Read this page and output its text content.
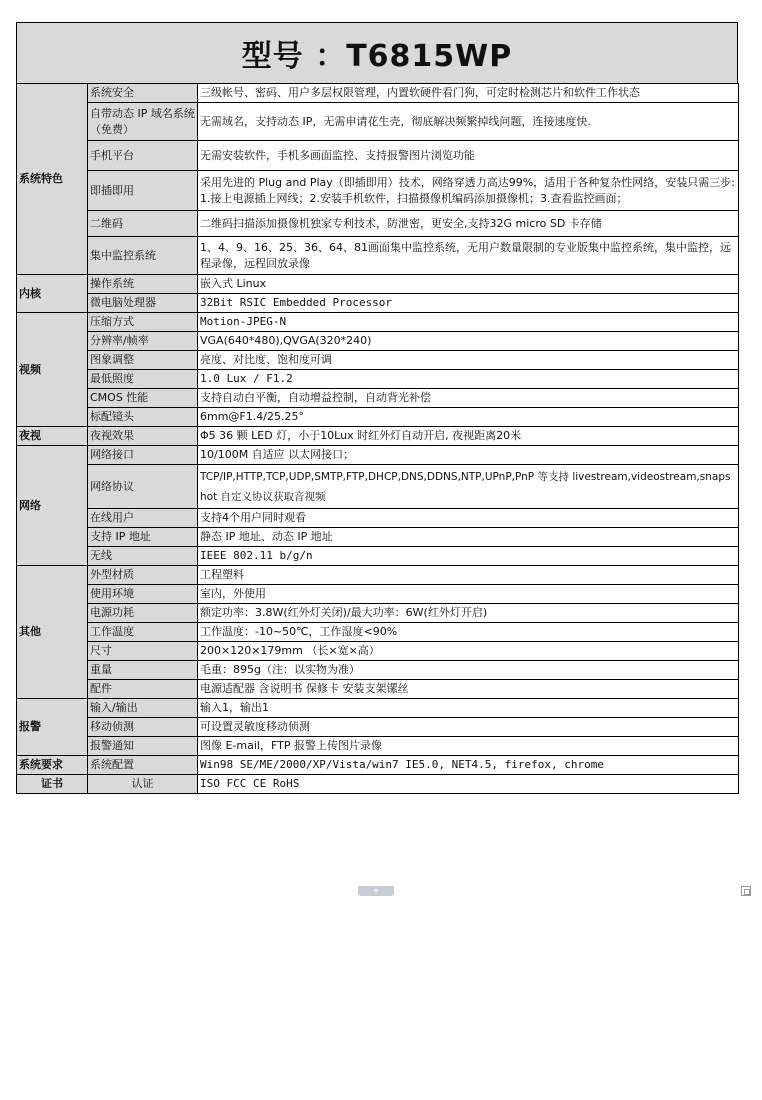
型号 ：T6815WP
系统特色	系统安全	三级帐号、密码、用户多层权限管理，内置软硬件看门狗，可定时检测芯片和软件工作状态
	自带动态 IP 域名系统（免费）	无需域名，支持动态 IP，无需申请花生壳，彻底解决频繁掉线问题，连接速度快.
	手机平台	无需安装软件，手机多画面监控、支持报警图片浏览功能
	即插即用	采用先进的 Plug and Play（即插即用）技术，网络穿透力高达99%，适用于各种复杂性网络，安装只需三步:1.接上电源插上网线；2.安装手机软件，扫描摄像机编码添加摄像机；3.查看监控画面；
	二维码	二维码扫描添加摄像机独家专利技术，防泄密，更安全,支持32G micro SD 卡存储
	集中监控系统	1、4、9、16、25、36、64、81画面集中监控系统，无用户数量限制的专业版集中监控系统，集中监控，远程录像，远程回放录像
内核	操作系统	嵌入式 Linux
	微电脑处理器	32Bit RSIC Embedded Processor
视频	压缩方式	Motion-JPEG-N
	分辨率/帧率	VGA(640*480),QVGA(320*240)
	图象调整	亮度、对比度、饱和度可调
	最低照度	1.0 Lux / F1.2
	CMOS 性能	支持自动白平衡，自动增益控制，自动背光补偿
	标配镜头	6mm@F1.4/25.25°
夜视	夜视效果	Φ5 36 颗 LED 灯，小于10Lux 时红外灯自动开启, 夜视距离20米
网络	网络接口	10/100M 自适应 以太网接口；
	网络协议	TCP/IP,HTTP,TCP,UDP,SMTP,FTP,DHCP,DNS,DDNS,NTP,UPnP,PnP 等支持 livestream,videostream,snapshot 自定义协议获取音视频
	在线用户	支持4个用户同时观看
	支持 IP 地址	静态 IP 地址、动态 IP 地址
	无线	IEEE 802.11 b/g/n
其他	外型材质	工程塑料
	使用环境	室内，外使用
	电源功耗	额定功率：3.8W(红外灯关闭)/最大功率：6W(红外灯开启)
	工作温度	工作温度：-10~50℃，工作湿度<90%
	尺寸	200×120×179mm （长×宽×高）
	重量	毛重：895g（注：以实物为准）
	配件	电源适配器 含说明书 保修卡 安装支架镙丝
报警	输入/输出	输入1，输出1
	移动侦测	可设置灵敏度移动侦测
	报警通知	图像 E-mail，FTP 报警上传图片录像
系统要求	系统配置	Win98 SE/ME/2000/XP/Vista/win7 IE5.0, NET4.5, firefox, chrome
证书	认证	ISO FCC CE RoHS
+
